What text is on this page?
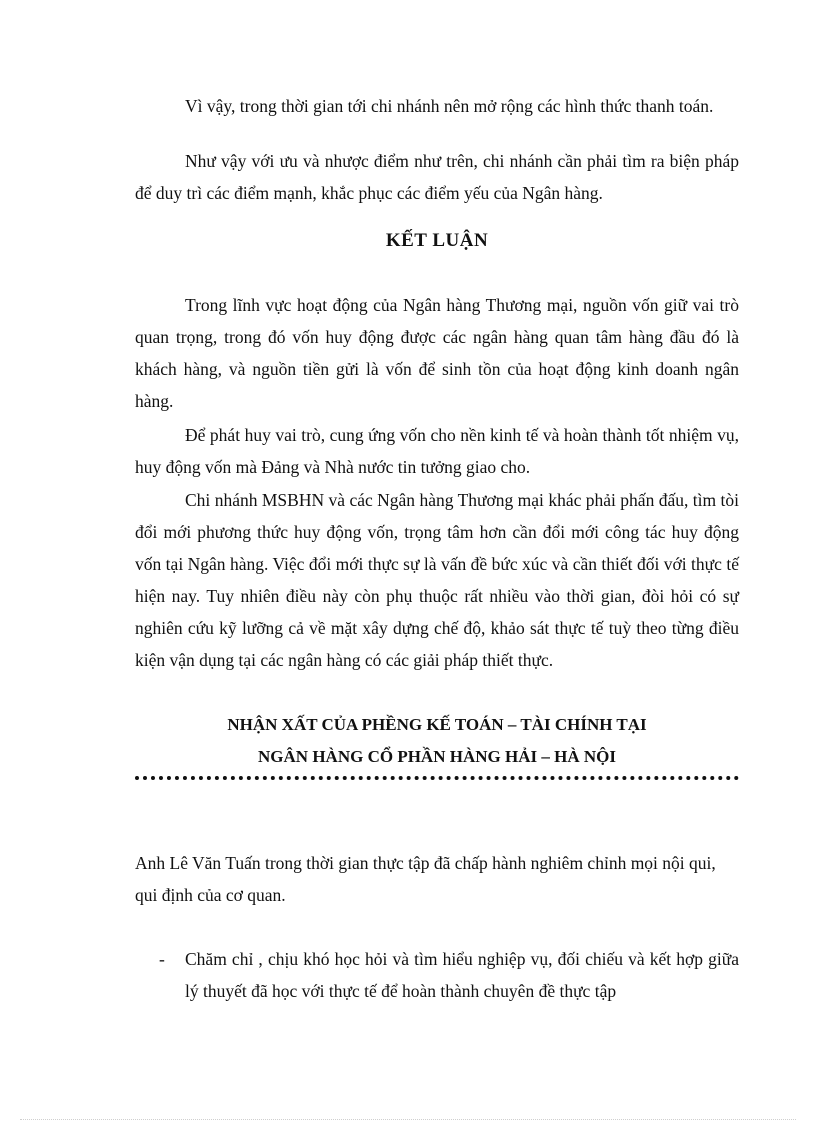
Vì vậy, trong thời gian tới chi nhánh nên mở rộng các hình thức thanh toán.

Như vậy với ưu và nhược điểm như trên, chi nhánh cần phải tìm ra biện pháp để duy trì các điểm mạnh, khắc phục các điểm yếu của Ngân hàng.

KẾT LUẬN

Trong lĩnh vực hoạt động của Ngân hàng Thương mại, nguồn vốn giữ vai trò quan trọng, trong đó vốn huy động được các ngân hàng quan tâm hàng đầu đó là khách hàng, và nguồn tiền gửi là vốn để sinh tồn của hoạt động kinh doanh ngân hàng.

Để phát huy vai trò, cung ứng vốn cho nền kinh tế và hoàn thành tốt nhiệm vụ, huy động vốn mà Đảng và Nhà nước tin tưởng giao cho.

Chi nhánh MSBHN và các Ngân hàng Thương mại khác phải phấn đấu, tìm tòi đổi mới phương thức huy động vốn, trọng tâm hơn cần đổi mới công tác huy động vốn tại Ngân hàng. Việc đổi mới thực sự là vấn đề bức xúc và cần thiết đối với thực tế hiện nay. Tuy nhiên điều này còn phụ thuộc rất nhiều vào thời gian, đòi hỏi có sự nghiên cứu kỹ lưỡng cả về mặt xây dựng chế độ, khảo sát thực tế tuỳ theo từng điều kiện vận dụng tại các ngân hàng có các giải pháp thiết thực.

NHẬN XẤT CỦA PHỀNG KẾ TOÁN – TÀI CHÍNH TẠI
NGÂN HÀNG CỔ PHẦN HÀNG HẢI – HÀ NỘI

Anh Lê Văn Tuấn trong thời gian thực tập đã chấp hành nghiêm chỉnh mọi nội qui, qui định của cơ quan.

- Chăm chỉ , chịu khó học hỏi và tìm hiểu nghiệp vụ, đối chiếu và kết hợp giữa lý thuyết đã học với thực tế để hoàn thành chuyên đề thực tập
